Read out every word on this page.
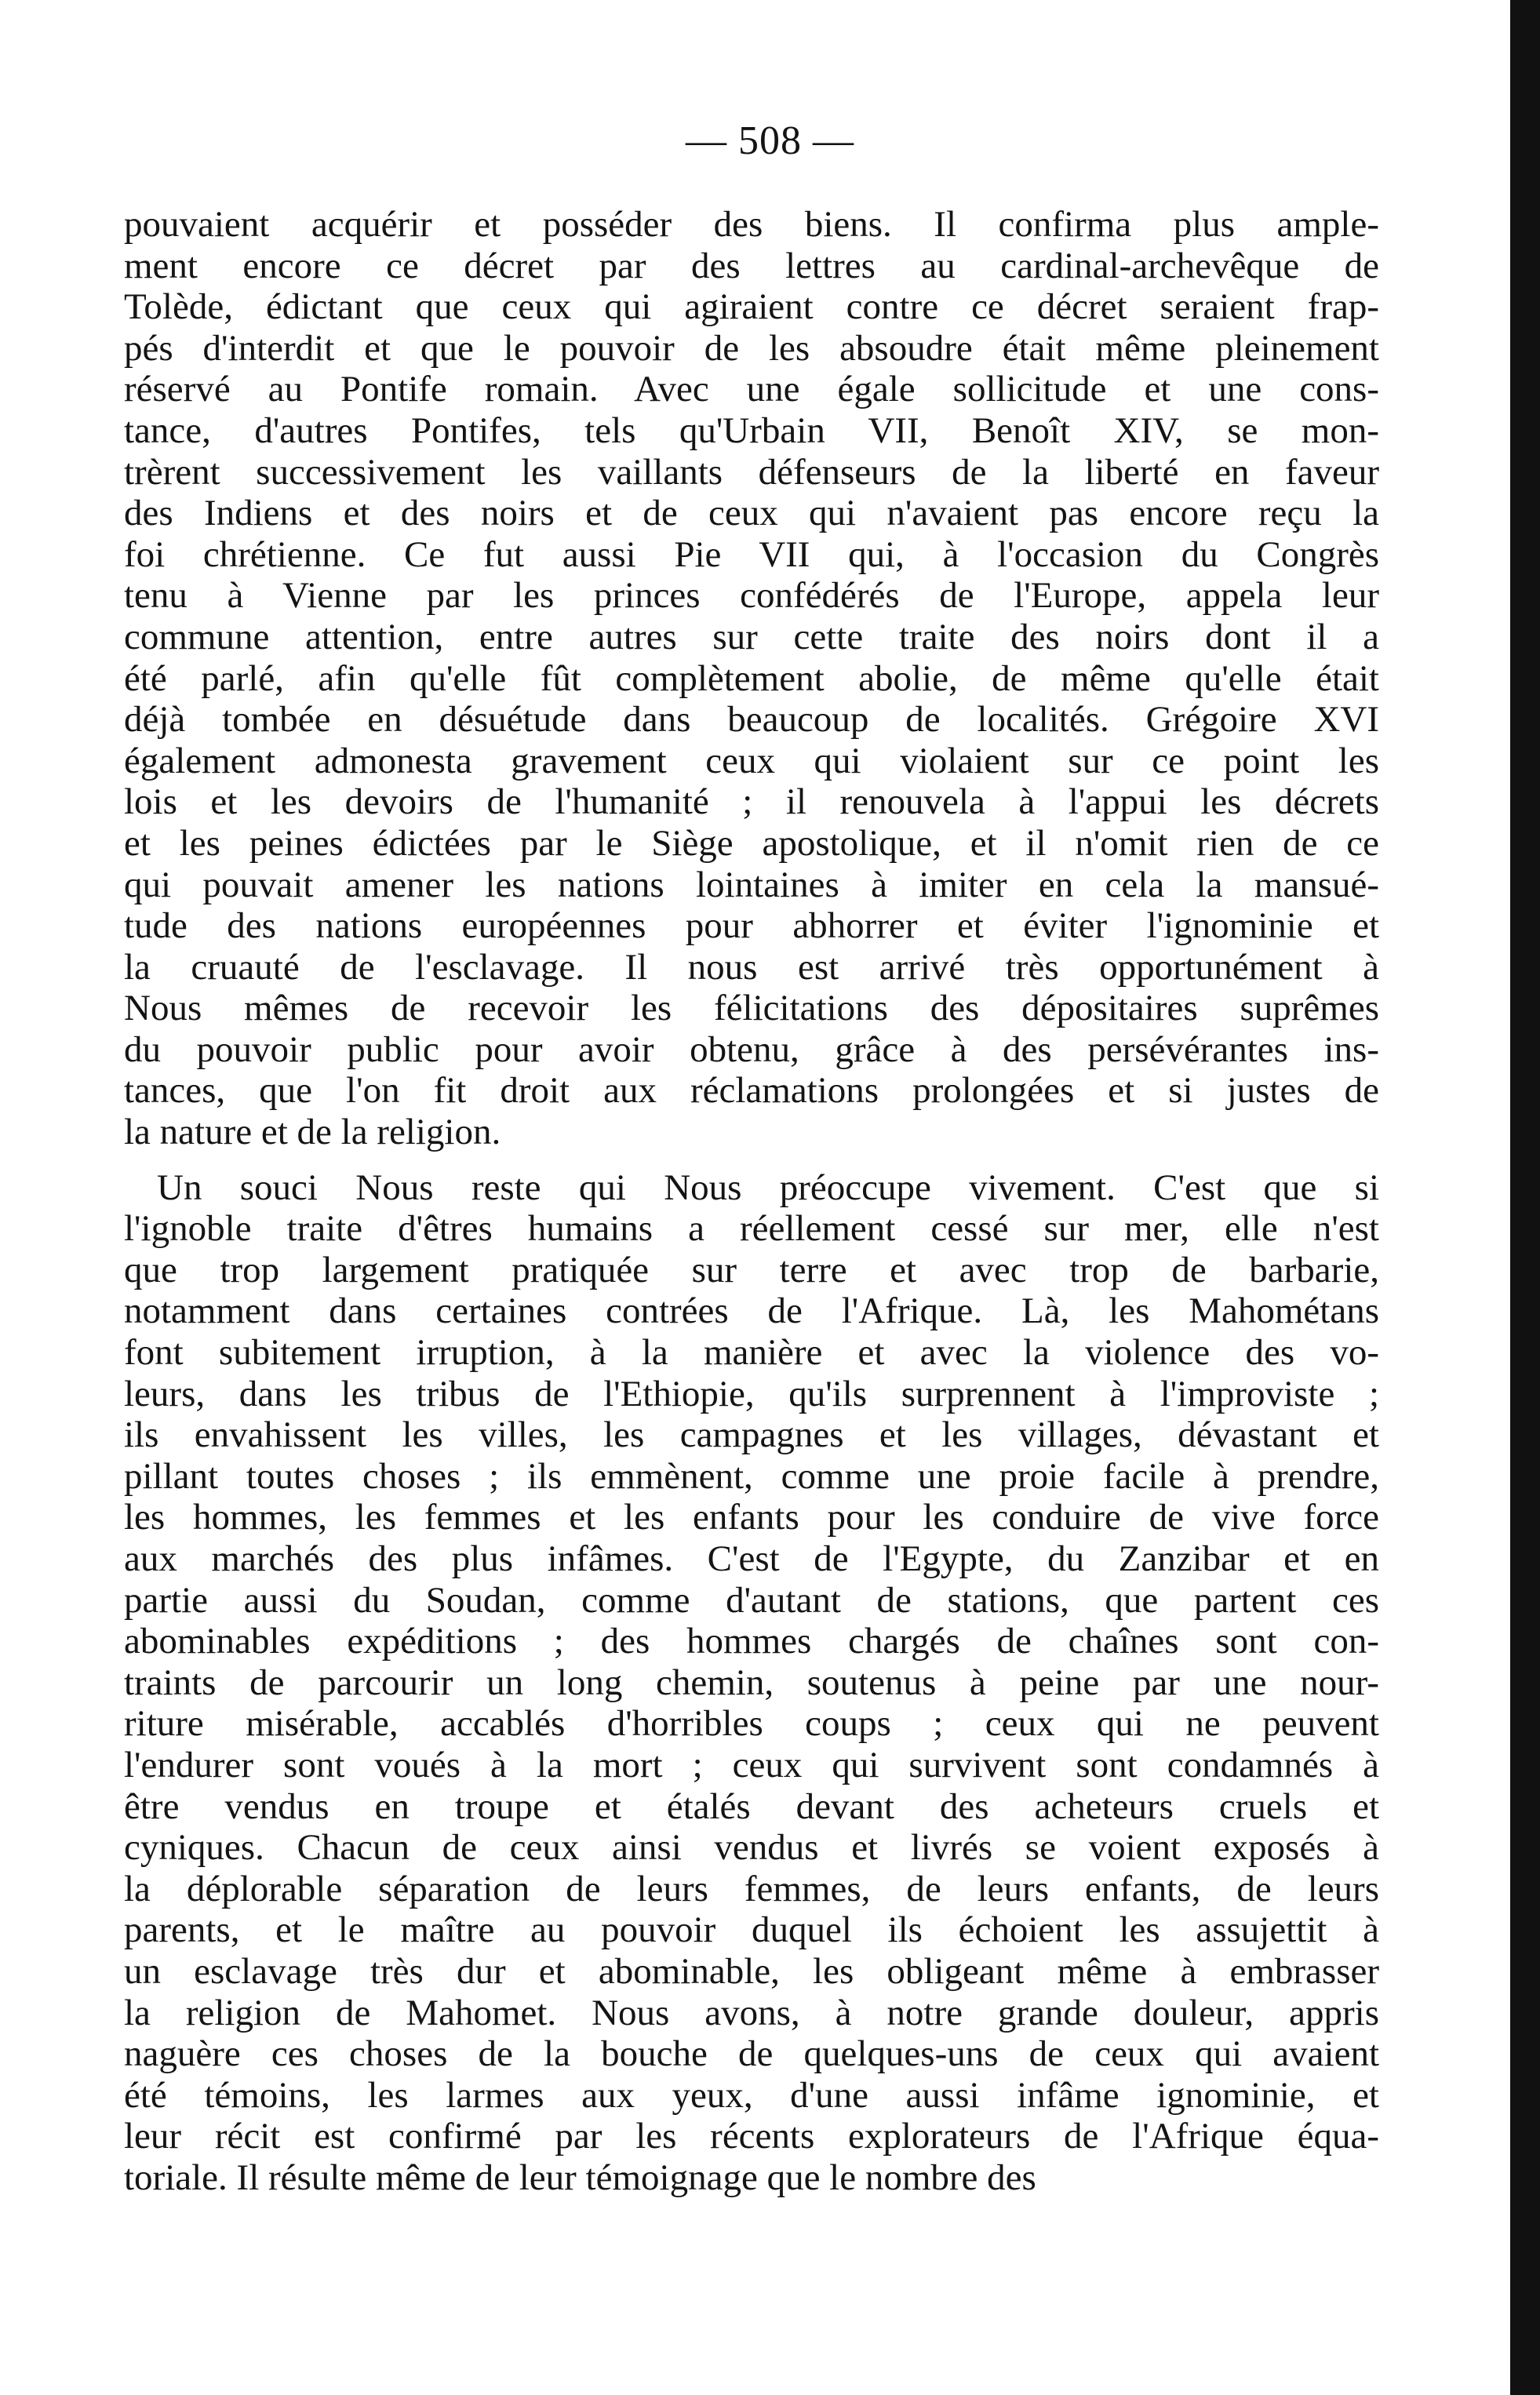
— 508 —
pouvaient acquérir et posséder des biens. Il confirma plus ample-
ment encore ce décret par des lettres au cardinal-archevêque de
Tolède, édictant que ceux qui agiraient contre ce décret seraient frap-
pés d'interdit et que le pouvoir de les absoudre était même pleinement
réservé au Pontife romain. Avec une égale sollicitude et une cons-
tance, d'autres Pontifes, tels qu'Urbain VII, Benoît XIV, se mon-
trèrent successivement les vaillants défenseurs de la liberté en faveur
des Indiens et des noirs et de ceux qui n'avaient pas encore reçu la
foi chrétienne. Ce fut aussi Pie VII qui, à l'occasion du Congrès
tenu à Vienne par les princes confédérés de l'Europe, appela leur
commune attention, entre autres sur cette traite des noirs dont il a
été parlé, afin qu'elle fût complètement abolie, de même qu'elle était
déjà tombée en désuétude dans beaucoup de localités. Grégoire XVI
également admonesta gravement ceux qui violaient sur ce point les
lois et les devoirs de l'humanité ; il renouvela à l'appui les décrets
et les peines édictées par le Siège apostolique, et il n'omit rien de ce
qui pouvait amener les nations lointaines à imiter en cela la mansué-
tude des nations européennes pour abhorrer et éviter l'ignominie et
la cruauté de l'esclavage. Il nous est arrivé très opportunément à
Nous mêmes de recevoir les félicitations des dépositaires suprêmes
du pouvoir public pour avoir obtenu, grâce à des persévérantes ins-
tances, que l'on fit droit aux réclamations prolongées et si justes de
la nature et de la religion.
Un souci Nous reste qui Nous préoccupe vivement. C'est que si
l'ignoble traite d'êtres humains a réellement cessé sur mer, elle n'est
que trop largement pratiquée sur terre et avec trop de barbarie,
notamment dans certaines contrées de l'Afrique. Là, les Mahométans
font subitement irruption, à la manière et avec la violence des vo-
leurs, dans les tribus de l'Ethiopie, qu'ils surprennent à l'improviste ;
ils envahissent les villes, les campagnes et les villages, dévastant et
pillant toutes choses ; ils emmènent, comme une proie facile à prendre,
les hommes, les femmes et les enfants pour les conduire de vive force
aux marchés des plus infâmes. C'est de l'Egypte, du Zanzibar et en
partie aussi du Soudan, comme d'autant de stations, que partent ces
abominables expéditions ; des hommes chargés de chaînes sont con-
traints de parcourir un long chemin, soutenus à peine par une nour-
riture misérable, accablés d'horribles coups ; ceux qui ne peuvent
l'endurer sont voués à la mort ; ceux qui survivent sont condamnés à
être vendus en troupe et étalés devant des acheteurs cruels et
cyniques. Chacun de ceux ainsi vendus et livrés se voient exposés à
la déplorable séparation de leurs femmes, de leurs enfants, de leurs
parents, et le maître au pouvoir duquel ils échoient les assujettit à
un esclavage très dur et abominable, les obligeant même à embrasser
la religion de Mahomet. Nous avons, à notre grande douleur, appris
naguère ces choses de la bouche de quelques-uns de ceux qui avaient
été témoins, les larmes aux yeux, d'une aussi infâme ignominie, et
leur récit est confirmé par les récents explorateurs de l'Afrique équa-
toriale. Il résulte même de leur témoignage que le nombre des
